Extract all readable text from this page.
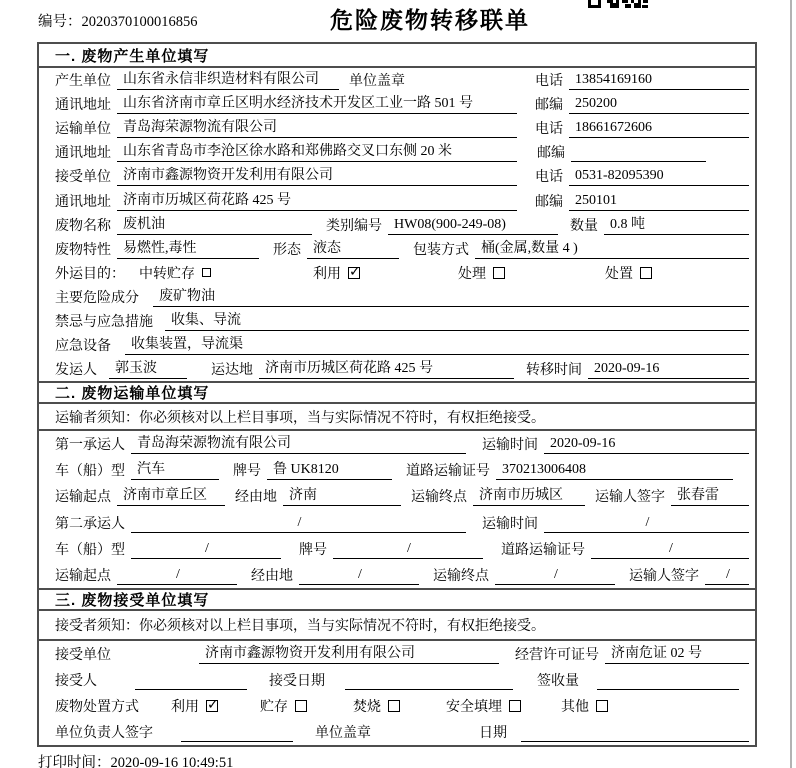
编号：2020370100016856	危险废物转移联单
一. 废物产生单位填写
产生单位 山东省永信非织造材料有限公司	单位盖章	电话 13854169160
通讯地址 山东省济南市章丘区明水经济技术开发区工业一路 501 号	邮编 250200
运输单位 青岛海荣源物流有限公司	电话 18661672606
通讯地址 山东省青岛市李沧区徐水路和郑佛路交叉口东侧 20 米	邮编
接受单位 济南市鑫源物资开发利用有限公司	电话 0531-82095390
通讯地址 济南市历城区荷花路 425 号	邮编 250101
废物名称 废机油	类别编号 HW08(900-249-08)	数量 0.8 吨
废物特性 易燃性,毒性	形态 液态	包装方式 桶(金属,数量 4 )
外运目的： 中转贮存	利用 ✓	处理	处置
主要危险成分	废矿物油
禁忌与应急措施	收集、导流
应急设备	收集装置，导流渠
发运人	郭玉波	运达地 济南市历城区荷花路 425 号	转移时间 2020-09-16
二. 废物运输单位填写
运输者须知：你必须核对以上栏目事项，当与实际情况不符时，有权拒绝接受。
第一承运人 青岛海荣源物流有限公司	运输时间 2020-09-16
车（船）型 汽车	牌号 鲁 UK8120	道路运输证号 370213006408
运输起点 济南市章丘区	经由地 济南	运输终点 济南市历城区	运输人签字 张春雷
第二承运人	/	运输时间	/
车（船）型	/	牌号	/	道路运输证号	/
运输起点	/	经由地	/	运输终点	/	运输人签字	/
三. 废物接受单位填写
接受者须知：你必须核对以上栏目事项，当与实际情况不符时，有权拒绝接受。
接受单位	济南市鑫源物资开发利用有限公司	经营许可证号 济南危证 02 号
接受人	接受日期	签收量
废物处置方式 利用 ✓	贮存	焚烧	安全填埋	其他
单位负责人签字	单位盖章	日期
打印时间：2020-09-16 10:49:51
